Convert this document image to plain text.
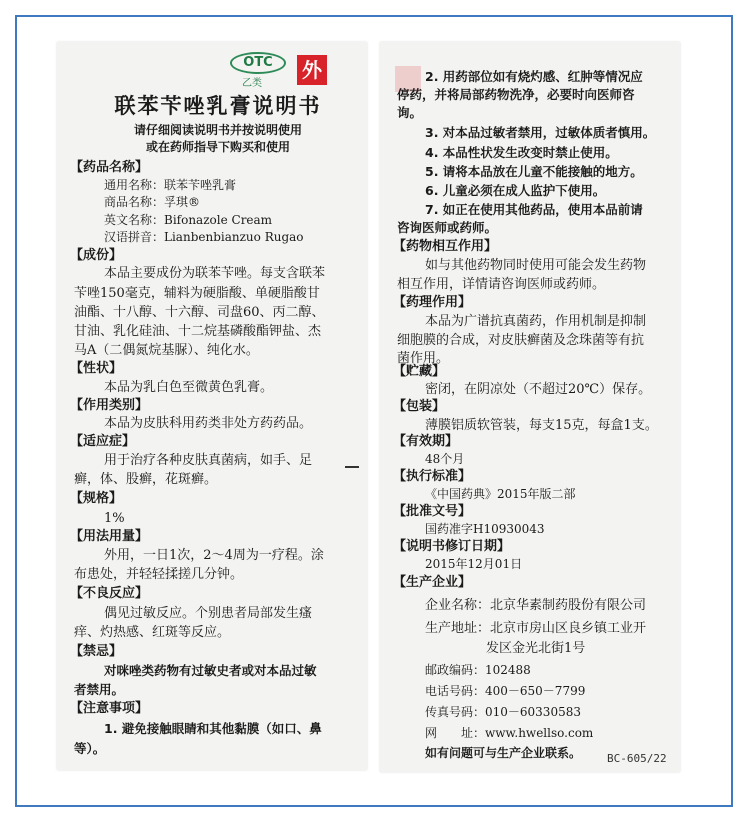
OTC
乙类
外
联苯苄唑乳膏说明书
请仔细阅读说明书并按说明使用
或在药师指导下购买和使用
【药品名称】
通用名称：联苯苄唑乳膏
商品名称：孚琪®
英文名称：Bifonazole Cream
汉语拼音：Lianbenbianzuo Rugao
【成份】
本品主要成份为联苯苄唑。每支含联苯
苄唑150毫克，辅料为硬脂酸、单硬脂酸甘
油酯、十八醇、十六醇、司盘60、丙二醇、
甘油、乳化硅油、十二烷基磷酸酯钾盐、杰
马A（二偶氮烷基脲）、纯化水。
【性状】
本品为乳白色至微黄色乳膏。
【作用类别】
本品为皮肤科用药类非处方药药品。
【适应症】
用于治疗各种皮肤真菌病，如手、足
癣，体、股癣，花斑癣。
【规格】
1%
【用法用量】
外用，一日1次，2～4周为一疗程。涂
布患处，并轻轻揉搓几分钟。
【不良反应】
偶见过敏反应。个别患者局部发生瘙
痒、灼热感、红斑等反应。
【禁忌】
对咪唑类药物有过敏史者或对本品过敏
者禁用。
【注意事项】
1. 避免接触眼睛和其他黏膜（如口、鼻
等）。
2. 用药部位如有烧灼感、红肿等情况应
停药，并将局部药物洗净，必要时向医师咨
询。
3. 对本品过敏者禁用，过敏体质者慎用。
4. 本品性状发生改变时禁止使用。
5. 请将本品放在儿童不能接触的地方。
6. 儿童必须在成人监护下使用。
7. 如正在使用其他药品，使用本品前请
咨询医师或药师。
【药物相互作用】
如与其他药物同时使用可能会发生药物
相互作用，详情请咨询医师或药师。
【药理作用】
本品为广谱抗真菌药，作用机制是抑制
细胞膜的合成，对皮肤癣菌及念珠菌等有抗
菌作用。
【贮藏】
密闭，在阴凉处（不超过20℃）保存。
【包装】
薄膜铝质软管装，每支15克，每盒1支。
【有效期】
48个月
【执行标准】
《中国药典》2015年版二部
【批准文号】
国药准字H10930043
【说明书修订日期】
2015年12月01日
【生产企业】
企业名称：北京华素制药股份有限公司
生产地址：北京市房山区良乡镇工业开
发区金光北街1号
邮政编码：102488
电话号码：400－650－7799
传真号码：010－60330583
网　　址：www.hwellso.com
如有问题可与生产企业联系。 BC-605/22
